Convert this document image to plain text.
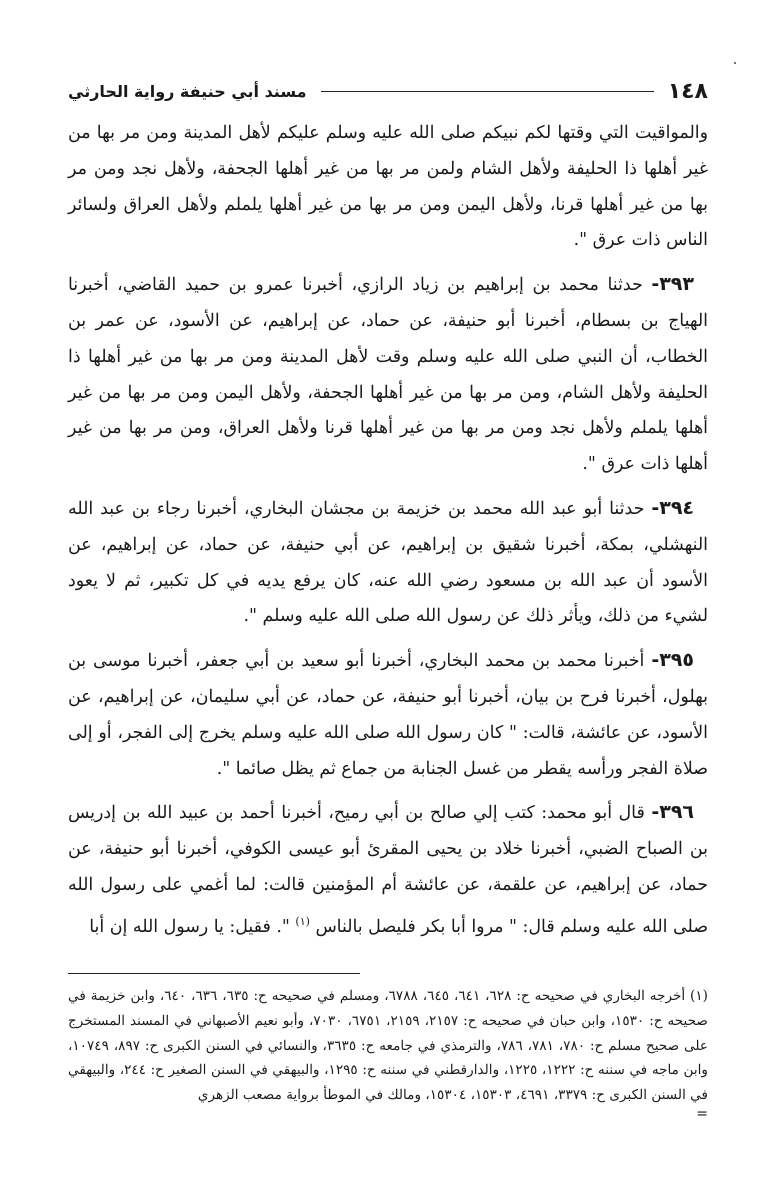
١٤٨
مسند أبي حنيفة رواية الحارثي

والمواقيت التي وقتها لكم نبيكم صلى الله عليه وسلم عليكم لأهل المدينة ومن مر بها من غير أهلها ذا الحليفة ولأهل الشام ولمن مر بها من غير أهلها الجحفة، ولأهل نجد ومن مر بها من غير أهلها قرنا، ولأهل اليمن ومن مر بها من غير أهلها يلملم ولأهل العراق ولسائر الناس ذات عرق ".

٣٩٣- حدثنا محمد بن إبراهيم بن زياد الرازي، أخبرنا عمرو بن حميد القاضي، أخبرنا الهياج بن بسطام، أخبرنا أبو حنيفة، عن حماد، عن إبراهيم، عن الأسود، عن عمر بن الخطاب، أن النبي صلى الله عليه وسلم وقت لأهل المدينة ومن مر بها من غير أهلها ذا الحليفة ولأهل الشام، ومن مر بها من غير أهلها الجحفة، ولأهل اليمن ومن مر بها من غير أهلها يلملم ولأهل نجد ومن مر بها من غير أهلها قرنا ولأهل العراق، ومن مر بها من غير أهلها ذات عرق ".

٣٩٤- حدثنا أبو عبد الله محمد بن خزيمة بن مجشان البخاري، أخبرنا رجاء بن عبد الله النهشلي، بمكة، أخبرنا شقيق بن إبراهيم، عن أبي حنيفة، عن حماد، عن إبراهيم، عن الأسود أن عبد الله بن مسعود رضي الله عنه، كان يرفع يديه في كل تكبير، ثم لا يعود لشيء من ذلك، ويأثر ذلك عن رسول الله صلى الله عليه وسلم ".

٣٩٥- أخبرنا محمد بن محمد البخاري، أخبرنا أبو سعيد بن أبي جعفر، أخبرنا موسى بن بهلول، أخبرنا فرح بن بيان، أخبرنا أبو حنيفة، عن حماد، عن أبي سليمان، عن إبراهيم، عن الأسود، عن عائشة، قالت: " كان رسول الله صلى الله عليه وسلم يخرج إلى الفجر، أو إلى صلاة الفجر ورأسه يقطر من غسل الجنابة من جماع ثم يظل صائما ".

٣٩٦- قال أبو محمد: كتب إلي صالح بن أبي رميح، أخبرنا أحمد بن عبيد الله بن إدريس بن الصباح الضبي، أخبرنا خلاد بن يحيى المقرئ أبو عيسى الكوفي، أخبرنا أبو حنيفة، عن حماد، عن إبراهيم، عن علقمة، عن عائشة أم المؤمنين قالت: لما أغمي على رسول الله صلى الله عليه وسلم قال: " مروا أبا بكر فليصل بالناس $^{(١)}$ ". فقيل: يا رسول الله إن أبا

(١) أخرجه البخاري في صحيحه ح: ٦٢٨، ٦٤١، ٦٤٥، ٦٧٨٨، ومسلم في صحيحه ح: ٦٣٥، ٦٣٦، ٦٤٠، وابن خزيمة في صحيحه ح: ١٥٣٠، وابن حبان في صحيحه ح: ٢١٥٧، ٢١٥٩، ٦٧٥١، ٧٠٣٠، وأبو نعيم الأصبهاني في المسند المستخرج على صحيح مسلم ح: ٧٨٠، ٧٨١، ٧٨٦، والترمذي في جامعه ح: ٣٦٣٥، والنسائي في السنن الكبرى ح: ٨٩٧، ١٠٧٤٩، وابن ماجه في سننه ح: ١٢٢٢، ١٢٢٥، والدارقطني في سننه ح: ١٢٩٥، والبيهقي في السنن الصغير ح: ٢٤٤، والبيهقي في السنن الكبرى ح: ٣٣٧٩، ٤٦٩١، ١٥٣٠٣، ١٥٣٠٤، ومالك في الموطأ برواية مصعب الزهري

=
